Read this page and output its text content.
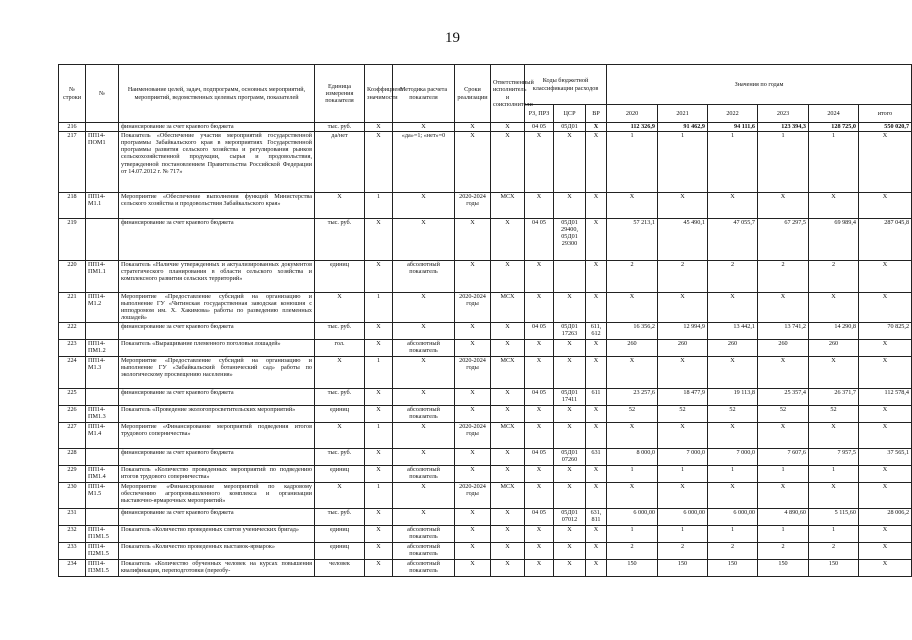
19
№ строки	№	Наименование целей, задач, подпрограмм, основных мероприятий, мероприятий, ведомственных целевых программ, показателей	Единица измерения показателя	Коэффициент значимости	Методика расчета показателя	Сроки реализации	Ответственный исполнитель и соисполнители	Коды бюджетной классификации расходов			Значения по годам					
								РЗ, ПРЗ	ЦСР	ВР	2020	2021	2022	2023	2024	итого
216		финансирование за счет краевого бюджета	тыс. руб.	X	X	X	X	04 05	05Д01	X	112 326,9	91 462,9	94 111,6	123 394,3	128 725,0	550 020,7
217	ПП14-ПОМ1	Показатель «Обеспечение участия мероприятий государственной программы Забайкальского края в мероприятиях Государственной программы развития сельского хозяйства и регулирования рынков сельскохозяйственной продукции, сырья и продовольствия, утвержденной постановлением Правительства Российской Федерации от 14.07.2012 г. № 717»	да/нет	X	«да»=1; «нет»=0	X	X	X	X	X	1	1	1	1	1	X
218	ПП14-М1.1	Мероприятие «Обеспечение выполнения функций Министерства сельского хозяйства и продовольствия Забайкальского края»	X	1	X	2020-2024 годы	МСХ	X	X	X	X	X	X	X	X	X
219		финансирование за счет краевого бюджета	тыс. руб.	X	X	X	X	04 05	05Д01 29400, 05Д01 29300	X	57 213,1	45 490,1	47 055,7	67 297,5	69 989,4	287 045,8
220	ПП14-ПМ1.1	Показатель «Наличие утвержденных и актуализированных документов стратегического планирования в области сельского хозяйства и комплексного развития сельских территорий»	единиц	X	абсолютный показатель	X	X	X		X	2	2	2	2	2	X
221	ПП14-М1.2	Мероприятие «Предоставление субсидий на организацию и выполнение ГУ «Читинская государственная заводская конюшня с ипподромом им. Х. Хакимова» работы по разведению племенных лошадей»	X	1	X	2020-2024 годы	МСХ	X	X	X	X	X	X	X	X	X
222		финансирование за счет краевого бюджета	тыс. руб.	X	X	X	X	04 05	05Д01 17263	611, 612	16 356,2	12 994,9	13 442,1	13 741,2	14 290,8	70 825,2
223	ПП14-ПМ1.2	Показатель «Выращивание племенного поголовья лошадей»	гол.	X	абсолютный показатель	X	X	X	X	X	260	260	260	260	260	X
224	ПП14-М1.3	Мероприятие «Предоставление субсидий на организацию и выполнение ГУ «Забайкальский ботанический сад» работы по экологическому просвещению населения»	X	1	X	2020-2024 годы	МСХ	X	X	X	X	X	X	X	X	X
225		финансирование за счет краевого бюджета	тыс. руб.	X	X	X	X	04 05	05Д01 17411	611	23 257,6	18 477,9	19 113,8	25 357,4	26 371,7	112 578,4
226	ПП14-ПМ1.3	Показатель «Проведение экологопросветительских мероприятий»	единиц	X	абсолютный показатель	X	X	X	X	X	52	52	52	52	52	X
227	ПП14-М1.4	Мероприятие «Финансирование мероприятий подведения итогов трудового соперничества»	X	1	X	2020-2024 годы	МСХ	X	X	X	X	X	X	X	X	X
228		финансирование за счет краевого бюджета	тыс. руб.	X	X	X	X	04 05	05Д01 07260	631	8 000,0	7 000,0	7 000,0	7 607,6	7 957,5	37 565,1
229	ПП14-ПМ1.4	Показатель «Количество проведенных мероприятий по подведению итогов трудового соперничества»	единиц	X	абсолютный показатель	X	X	X	X	X	1	1	1	1	1	X
230	ПП14-М1.5	Мероприятие «Финансирование мероприятий по кадровому обеспечению агропромышленного комплекса и организации выставочно-ярмарочных мероприятий»	X	1	X	2020-2024 годы	МСХ	X	X	X	X	X	X	X	X	X
231		финансирование за счет краевого бюджета	тыс. руб.	X	X	X	X	04 05	05Д01 07012	631, 811	6 000,00	6 000,00	6 000,00	4 890,60	5 115,60	28 006,2
232	ПП14-П1М1.5	Показатель «Количество проведенных слетов ученических бригад»	единиц	X	абсолютный показатель	X	X	X	X	X	1	1	1	1	1	X
233	ПП14-П2М1.5	Показатель «Количество проведенных выставок-ярмарок»	единиц	X	абсолютный показатель	X	X	X	X	X	2	2	2	2	2	X
234	ПП14-П3М1.5	Показатель «Количество обученных человек на курсах повышения квалификации, переподготовки (переобу-	человек	X	абсолютный показатель	X	X	X	X	X	150	150	150	150	150	X
